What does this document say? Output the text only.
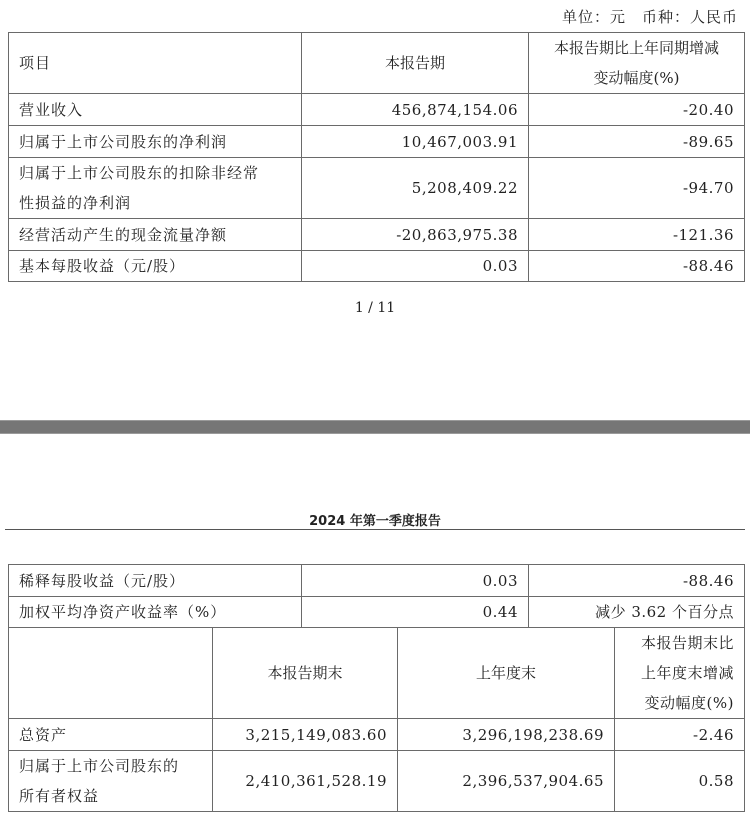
单位：元　币种：人民币
项目	本报告期	本报告期比上年同期增减
变动幅度(%)

营业收入	456,874,154.06	-20.40
归属于上市公司股东的净利润	10,467,003.91	-89.65

归属于上市公司股东的扣除非经常
性损益的净利润	5,208,409.22	-94.70
经营活动产生的现金流量净额	-20,863,975.38	-121.36
基本每股收益（元/股）	0.03	-88.46
1 / 11
2024 年第一季度报告
稀释每股收益（元/股）	0.03	-88.46
加权平均净资产收益率（%）	0.44	减少 3.62 个百分点
	本报告期末	上年度末	本报告期末比
上年度末增减
变动幅度(%)

总资产	3,215,149,083.60	3,296,198,238.69	-2.46

归属于上市公司股东的
所有者权益	2,410,361,528.19	2,396,537,904.65	0.58
